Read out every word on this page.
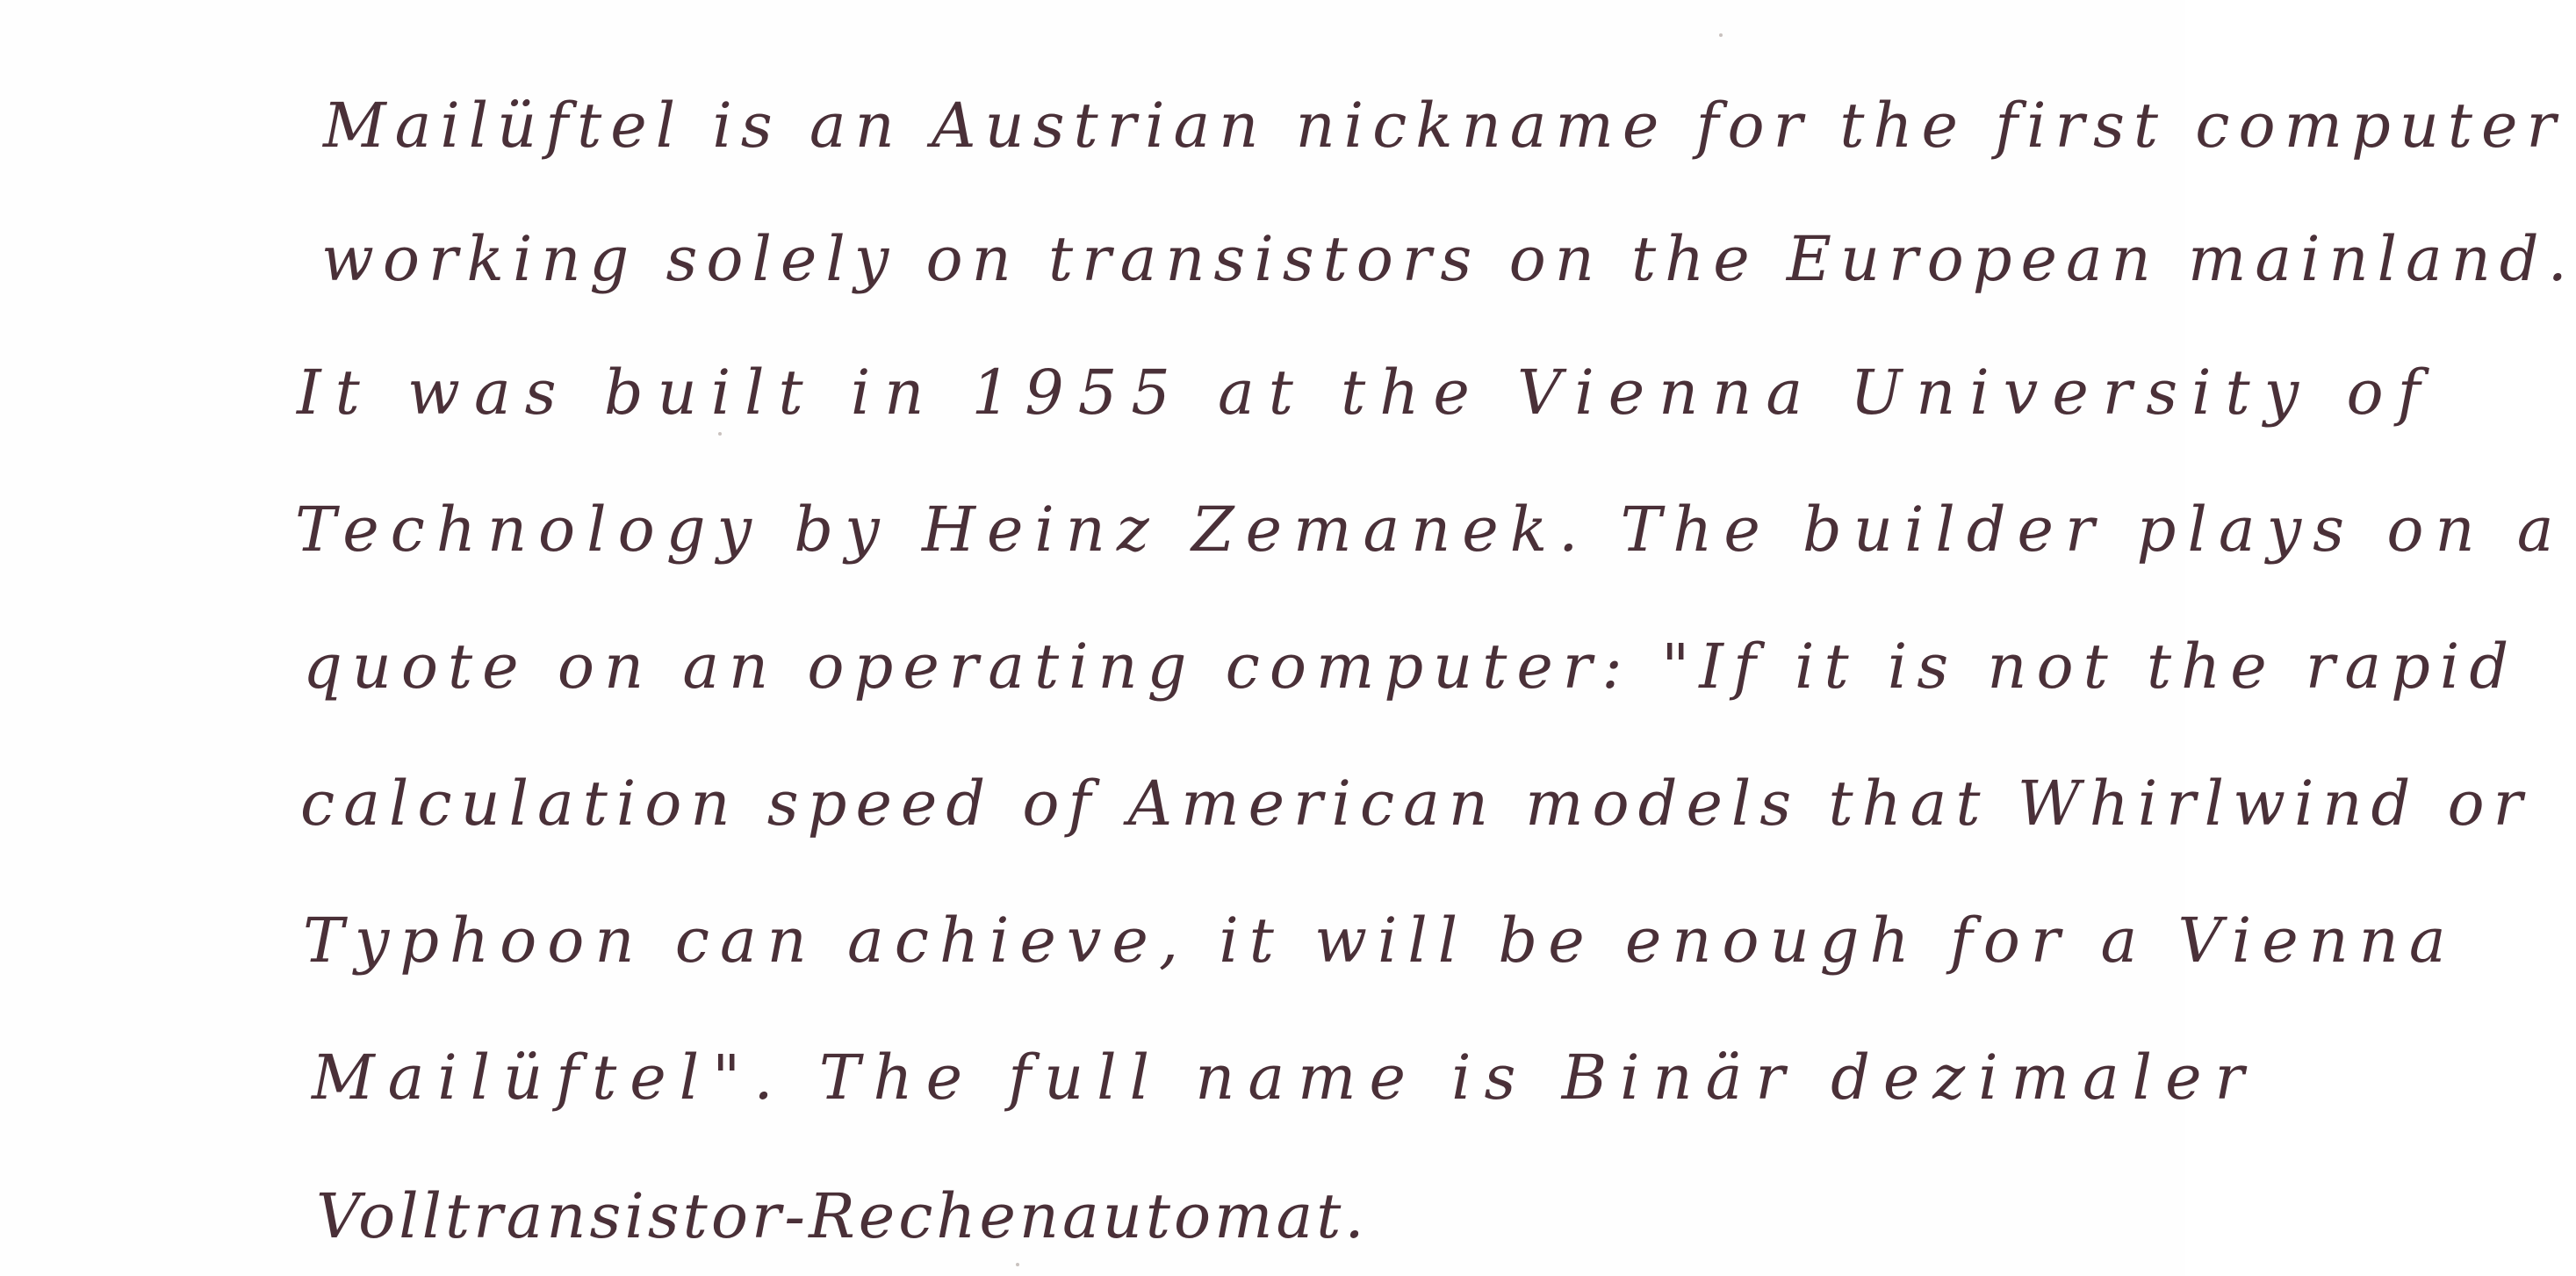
Mailüftel is an Austrian nickname for the first computer
working solely on transistors on the European mainland.
It was built in 1955 at the Vienna University of
Technology by Heinz Zemanek. The builder plays on a
quote on an operating computer: "If it is not the rapid
calculation speed of American models that Whirlwind or
Typhoon can achieve, it will be enough for a Vienna
Mailüftel". The full name is Binär dezimaler
Volltransistor-Rechenautomat.
